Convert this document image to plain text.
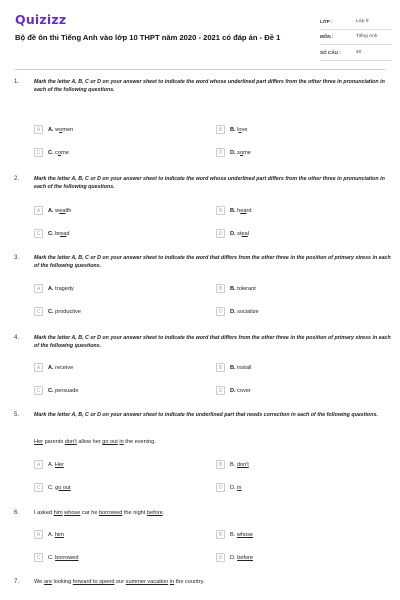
Quizizz
Bộ đề ôn thi Tiếng Anh vào lớp 10 THPT năm 2020 - 2021 có đáp án - Đề 1
LỚP :	Lớp 9
MÔN :	Tiếng Anh
SỐ CÂU :	40
1.	Mark the letter A, B, C or D on your answer sheet to indicate the word whose underlined part differs from the other three in pronunciation in each of the following questions.
A	A. women	B	B. love
C	C. come	D	D. some
2.	Mark the letter A, B, C or D on your answer sheet to indicate the word whose underlined part differs from the other three in pronunciation in each of the following questions.
A	A. wealth	B	B. heard
C	C. bread	D	D. steal
3.	Mark the letter A, B, C or D on your answer sheet to indicate the word that differs from the other three in the position of primary stress in each of the following questions.
A	A. tragedy	B	B. tolerant
C	C. productive	D	D. socialize
4.	Mark the letter A, B, C or D on your answer sheet to indicate the word that differs from the other three in the position of primary stress in each of the following questions.
A	A. receive	B	B. install
C	C. persuade	D	D. cover
5.	Mark the letter A, B, C or D on your answer sheet to indicate the underlined part that needs correction in each of the following questions.
Her parents don't allow her go out in the evening.
A	A. Her	B	B. don't
C	C. go out	D	D. in
6.	I asked him whose car he borrowed the night before.
A	A. him	B	B. whose
C	C. borrowed	D	D. before
7.	We are looking forward to spend our summer vacation in the country.
